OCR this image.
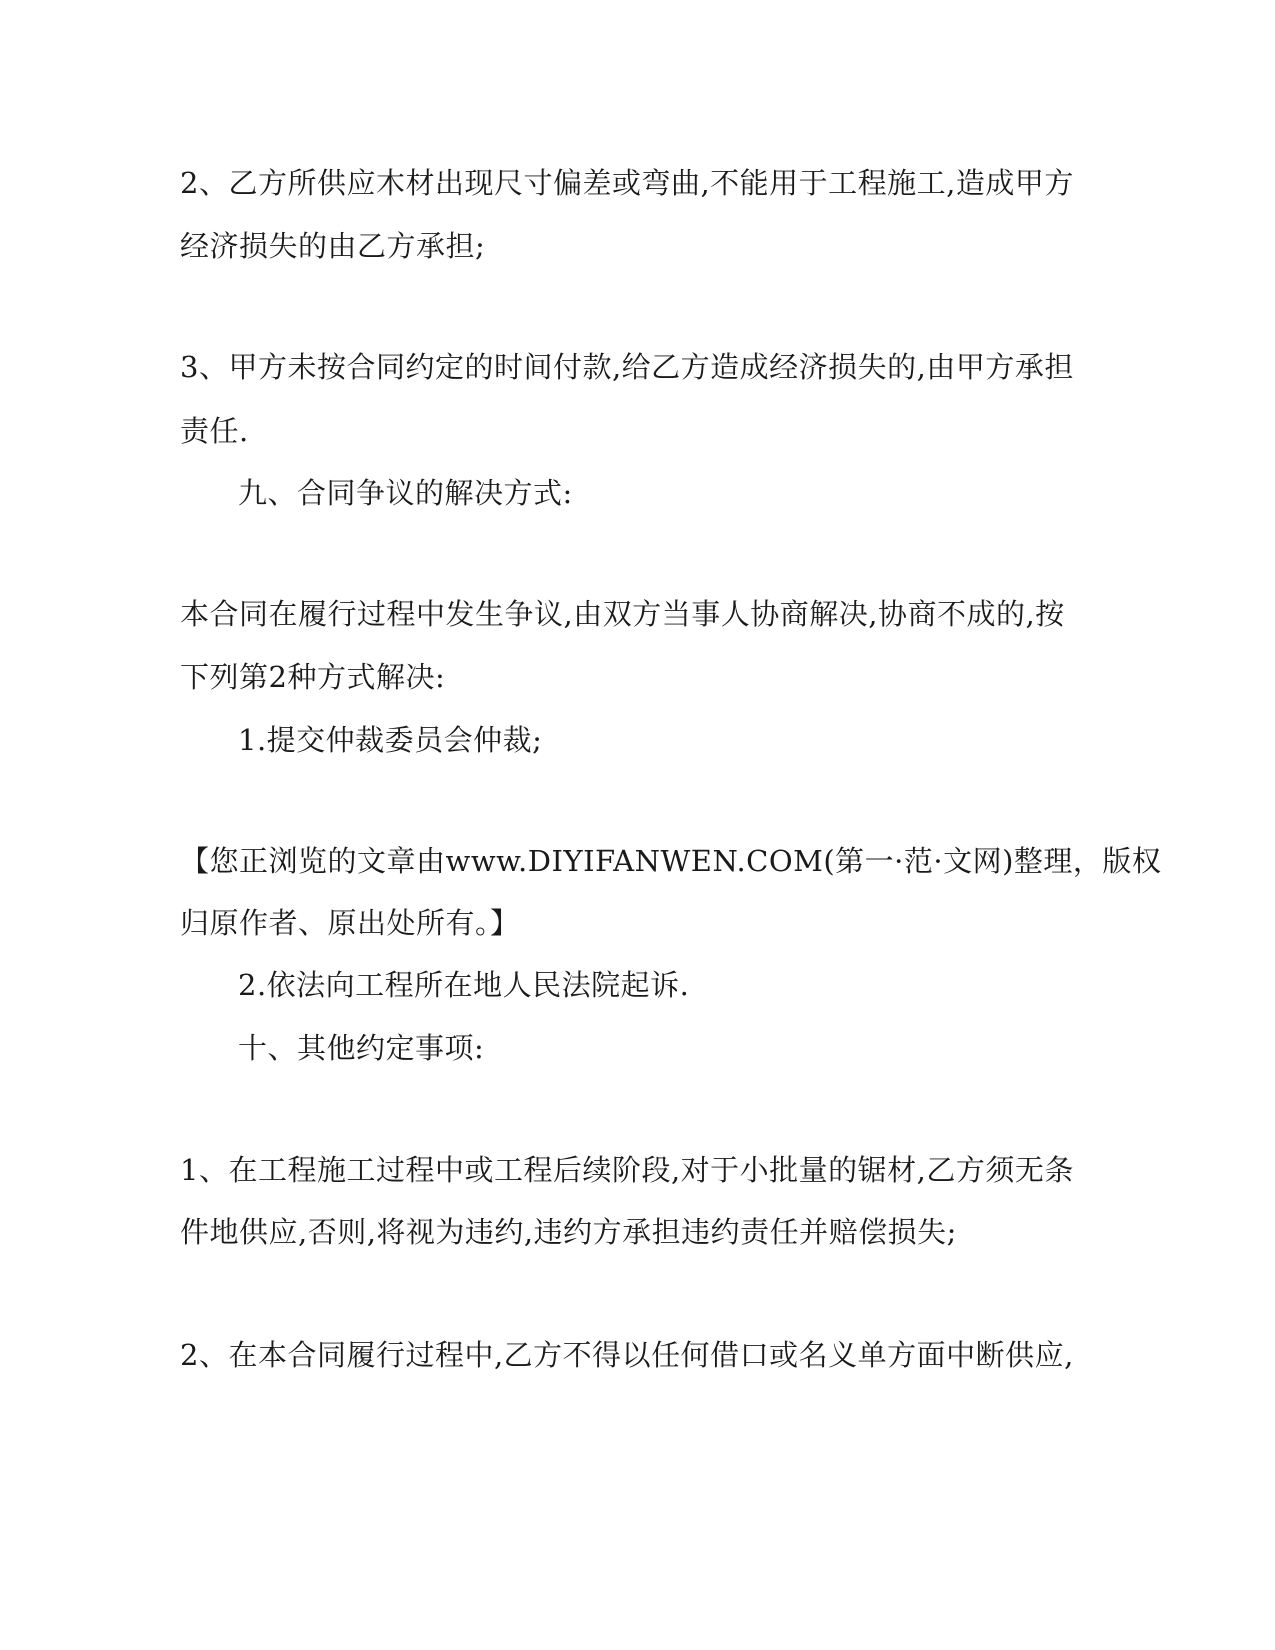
2、乙方所供应木材出现尺寸偏差或弯曲,不能用于工程施工,造成甲方
经济损失的由乙方承担;
3、甲方未按合同约定的时间付款,给乙方造成经济损失的,由甲方承担
责任.
九、合同争议的解决方式:
本合同在履行过程中发生争议,由双方当事人协商解决,协商不成的,按
下列第2种方式解决:
1.提交仲裁委员会仲裁;
【您正浏览的文章由www.DIYIFANWEN.COM(第一·范·文网)整理，版权
归原作者、原出处所有。】
2.依法向工程所在地人民法院起诉.
十、其他约定事项:
1、在工程施工过程中或工程后续阶段,对于小批量的锯材,乙方须无条
件地供应,否则,将视为违约,违约方承担违约责任并赔偿损失;
2、在本合同履行过程中,乙方不得以任何借口或名义单方面中断供应,
